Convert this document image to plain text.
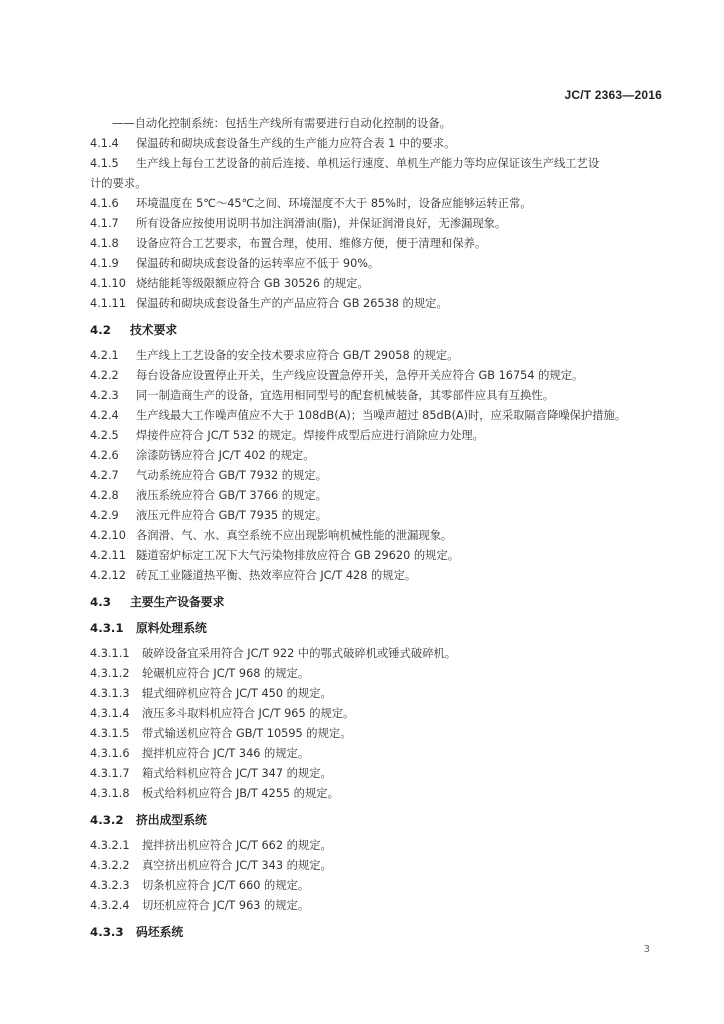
JC/T 2363—2016
——自动化控制系统：包括生产线所有需要进行自动化控制的设备。
4.1.4 保温砖和砌块成套设备生产线的生产能力应符合表 1 中的要求。
4.1.5 生产线上每台工艺设备的前后连接、单机运行速度、单机生产能力等均应保证该生产线工艺设
计的要求。
4.1.6 环境温度在 5℃～45℃之间、环境湿度不大于 85%时，设备应能够运转正常。
4.1.7 所有设备应按使用说明书加注润滑油(脂)，并保证润滑良好，无渗漏现象。
4.1.8 设备应符合工艺要求，布置合理，使用、维修方便，便于清理和保养。
4.1.9 保温砖和砌块成套设备的运转率应不低于 90%。
4.1.10 烧结能耗等级限额应符合 GB 30526 的规定。
4.1.11 保温砖和砌块成套设备生产的产品应符合 GB 26538 的规定。
4.2 技术要求
4.2.1 生产线上工艺设备的安全技术要求应符合 GB/T 29058 的规定。
4.2.2 每台设备应设置停止开关，生产线应设置急停开关，急停开关应符合 GB 16754 的规定。
4.2.3 同一制造商生产的设备，宜选用相同型号的配套机械装备，其零部件应具有互换性。
4.2.4 生产线最大工作噪声值应不大于 108dB(A)；当噪声超过 85dB(A)时，应采取隔音降噪保护措施。
4.2.5 焊接件应符合 JC/T 532 的规定。焊接件成型后应进行消除应力处理。
4.2.6 涂漆防锈应符合 JC/T 402 的规定。
4.2.7 气动系统应符合 GB/T 7932 的规定。
4.2.8 液压系统应符合 GB/T 3766 的规定。
4.2.9 液压元件应符合 GB/T 7935 的规定。
4.2.10 各润滑、气、水、真空系统不应出现影响机械性能的泄漏现象。
4.2.11 隧道窑炉标定工况下大气污染物排放应符合 GB 29620 的规定。
4.2.12 砖瓦工业隧道热平衡、热效率应符合 JC/T 428 的规定。
4.3 主要生产设备要求
4.3.1 原料处理系统
4.3.1.1 破碎设备宜采用符合 JC/T 922 中的鄂式破碎机或锤式破碎机。
4.3.1.2 轮碾机应符合 JC/T 968 的规定。
4.3.1.3 辊式细碎机应符合 JC/T 450 的规定。
4.3.1.4 液压多斗取料机应符合 JC/T 965 的规定。
4.3.1.5 带式输送机应符合 GB/T 10595 的规定。
4.3.1.6 搅拌机应符合 JC/T 346 的规定。
4.3.1.7 箱式给料机应符合 JC/T 347 的规定。
4.3.1.8 板式给料机应符合 JB/T 4255 的规定。
4.3.2 挤出成型系统
4.3.2.1 搅拌挤出机应符合 JC/T 662 的规定。
4.3.2.2 真空挤出机应符合 JC/T 343 的规定。
4.3.2.3 切条机应符合 JC/T 660 的规定。
4.3.2.4 切坯机应符合 JC/T 963 的规定。
4.3.3 码坯系统
3
